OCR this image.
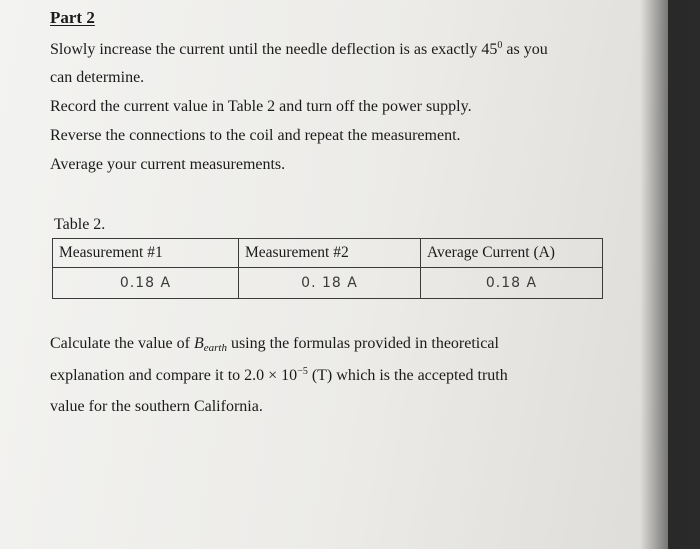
Part 2
Slowly increase the current until the needle deflection is as exactly $45^0$ as you
can determine.
Record the current value in Table 2 and turn off the power supply.
Reverse the connections to the coil and repeat the measurement.
Average your current measurements.
Table 2.
Measurement #1	Measurement #2	Average Current (A)
0.18 A	0. 18 A	0.18 A
Calculate the value of Bearth using the formulas provided in theoretical
explanation and compare it to $2.0 \times 10^{-5}$ (T) which is the accepted truth
value for the southern California.
